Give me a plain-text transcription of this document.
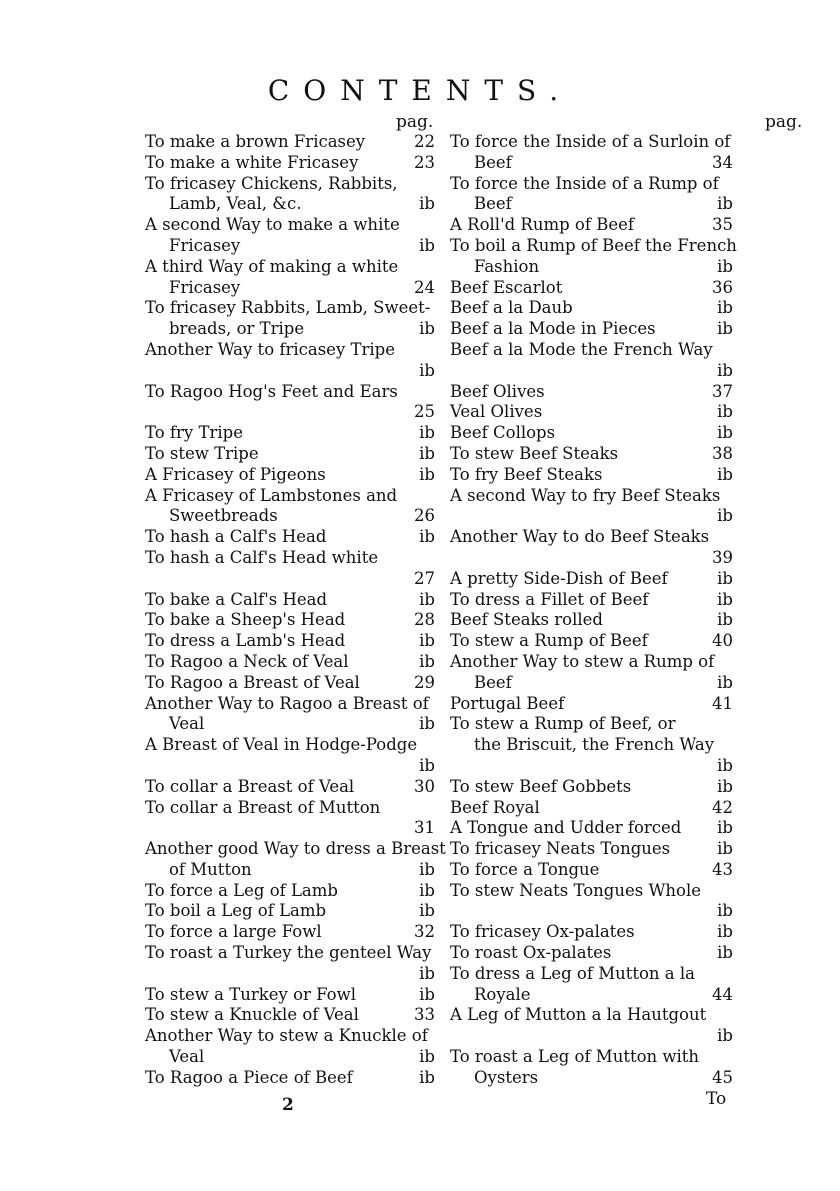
CONTENTS.
pag.	pag.
To make a brown Fricasey	22
To make a white Fricasey	23
To fricasey Chickens, Rabbits,
Lamb, Veal, &c.	ib
A second Way to make a white
Fricasey	ib
A third Way of making a white
Fricasey	24
To fricasey Rabbits, Lamb, Sweet-
breads, or Tripe	ib
Another Way to fricasey Tripe
ib
To Ragoo Hog's Feet and Ears
25
To fry Tripe	ib
To stew Tripe	ib
A Fricasey of Pigeons	ib
A Fricasey of Lambstones and
Sweetbreads	26
To hash a Calf's Head	ib
To hash a Calf's Head white
27
To bake a Calf's Head	ib
To bake a Sheep's Head	28
To dress a Lamb's Head	ib
To Ragoo a Neck of Veal	ib
To Ragoo a Breast of Veal	29
Another Way to Ragoo a Breast of
Veal	ib
A Breast of Veal in Hodge-Podge
ib
To collar a Breast of Veal	30
To collar a Breast of Mutton
31
Another good Way to dress a Breast
of Mutton	ib
To force a Leg of Lamb	ib
To boil a Leg of Lamb	ib
To force a large Fowl	32
To roast a Turkey the genteel Way
ib
To stew a Turkey or Fowl	ib
To stew a Knuckle of Veal	33
Another Way to stew a Knuckle of
Veal	ib
To Ragoo a Piece of Beef	ib
To force the Inside of a Surloin of
Beef	34
To force the Inside of a Rump of
Beef	ib
A Roll'd Rump of Beef	35
To boil a Rump of Beef the French
Fashion	ib
Beef Escarlot	36
Beef a la Daub	ib
Beef a la Mode in Pieces	ib
Beef a la Mode the French Way
ib
Beef Olives	37
Veal Olives	ib
Beef Collops	ib
To stew Beef Steaks	38
To fry Beef Steaks	ib
A second Way to fry Beef Steaks
ib
Another Way to do Beef Steaks
39
A pretty Side-Dish of Beef	ib
To dress a Fillet of Beef	ib
Beef Steaks rolled	ib
To stew a Rump of Beef	40
Another Way to stew a Rump of
Beef	ib
Portugal Beef	41
To stew a Rump of Beef, or
the Briscuit, the French Way
ib
To stew Beef Gobbets	ib
Beef Royal	42
A Tongue and Udder forced ib
To fricasey Neats Tongues	ib
To force a Tongue	43
To stew Neats Tongues Whole
ib
To fricasey Ox-palates	ib
To roast Ox-palates	ib
To dress a Leg of Mutton a la
Royale	44
A Leg of Mutton a la Hautgout
ib
To roast a Leg of Mutton with
Oysters	45
2	To
